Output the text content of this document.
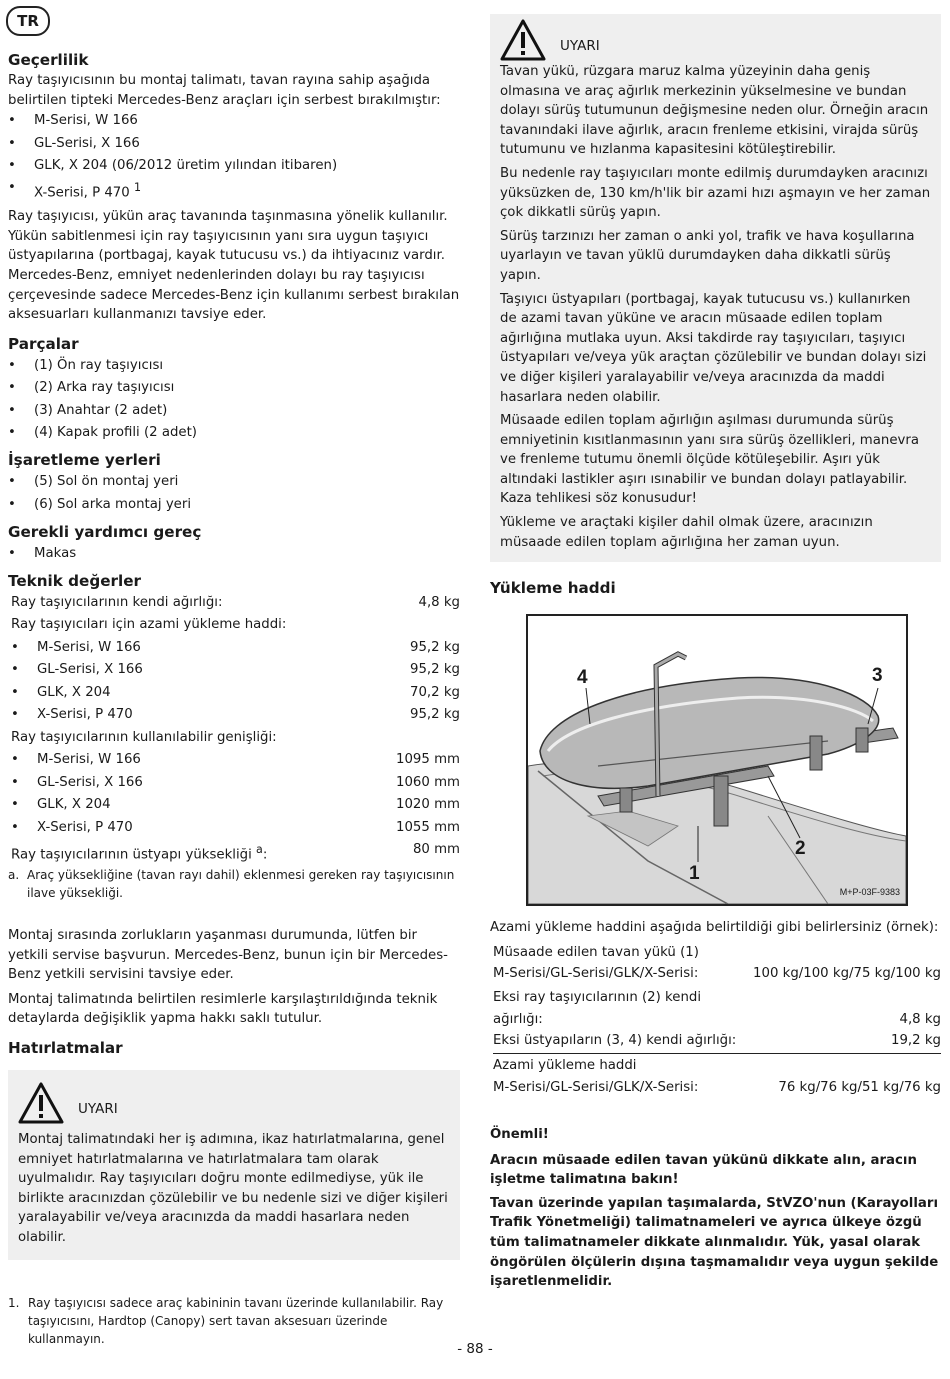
TR
Geçerlilik

Ray taşıyıcısının bu montaj talimatı, tavan rayına sahip aşağıda belirtilen tipteki Mercedes-Benz araçları için serbest bırakılmıştır:

• M-Serisi, W 166
• GL-Serisi, X 166
• GLK, X 204 (06/2012 üretim yılından itibaren)
• X-Serisi, P 470 $^1$

Ray taşıyıcısı, yükün araç tavanında taşınmasına yönelik kullanılır. Yükün sabitlenmesi için ray taşıyıcısının yanı sıra uygun taşıyıcı üstyapılarına (portbagaj, kayak tutucusu vs.) da ihtiyacınız vardır. Mercedes-Benz, emniyet nedenlerinden dolayı bu ray taşıyıcısı çerçevesinde sadece Mercedes-Benz için kullanımı serbest bırakılan aksesuarları kullanmanızı tavsiye eder.

Parçalar
• (1) Ön ray taşıyıcısı
• (2) Arka ray taşıyıcısı
• (3) Anahtar (2 adet)
• (4) Kapak profili (2 adet)
İşaretleme yerleri
• (5) Sol ön montaj yeri
• (6) Sol arka montaj yeri
Gerekli yardımcı gereç
• Makas
Teknik değerler
Ray taşıyıcılarının kendi ağırlığı:	4,8 kg
Ray taşıyıcıları için azami yükleme haddi:
• M-Serisi, W 166	95,2 kg
• GL-Serisi, X 166	95,2 kg
• GLK, X 204	70,2 kg
• X-Serisi, P 470	95,2 kg
Ray taşıyıcılarının kullanılabilir genişliği:
• M-Serisi, W 166	1095 mm
• GL-Serisi, X 166	1060 mm
• GLK, X 204	1020 mm
• X-Serisi, P 470	1055 mm
Ray taşıyıcılarının üstyapı yüksekliği $^a$:	80 mm
a. Araç yüksekliğine (tavan rayı dahil) eklenmesi gereken ray taşıyıcısının ilave yüksekliği.

Montaj sırasında zorlukların yaşanması durumunda, lütfen bir yetkili servise başvurun. Mercedes-Benz, bunun için bir Mercedes-Benz yetkili servisini tavsiye eder.

Montaj talimatında belirtilen resimlerle karşılaştırıldığında teknik detaylarda değişiklik yapma hakkı saklı tutulur.

Hatırlatmalar
UYARI

Montaj talimatındaki her iş adımına, ikaz hatırlatmalarına, genel emniyet hatırlatmalarına ve hatırlatmalara tam olarak uyulmalıdır. Ray taşıyıcıları doğru monte edilmediyse, yük ile birlikte aracınızdan çözülebilir ve bu nedenle sizi ve diğer kişileri yaralayabilir ve/veya aracınızda da maddi hasarlara neden olabilir.

UYARI

Tavan yükü, rüzgara maruz kalma yüzeyinin daha geniş olmasına ve araç ağırlık merkezinin yükselmesine ve bundan dolayı sürüş tutumunun değişmesine neden olur. Örneğin aracın tavanındaki ilave ağırlık, aracın frenleme etkisini, virajda sürüş tutumunu ve hızlanma kapasitesini kötüleştirebilir.

Bu nedenle ray taşıyıcıları monte edilmiş durumdayken aracınızı yüksüzken de, 130 km/h'lik bir azami hızı aşmayın ve her zaman çok dikkatli sürüş yapın.

Sürüş tarzınızı her zaman o anki yol, trafik ve hava koşullarına uyarlayın ve tavan yüklü durumdayken daha dikkatli sürüş yapın.

Taşıyıcı üstyapıları (portbagaj, kayak tutucusu vs.) kullanırken de azami tavan yüküne ve aracın müsaade edilen toplam ağırlığına mutlaka uyun. Aksi takdirde ray taşıyıcıları, taşıyıcı üstyapıları ve/veya yük araçtan çözülebilir ve bundan dolayı sizi ve diğer kişileri yaralayabilir ve/veya aracınızda da maddi hasarlara neden olabilir.

Müsaade edilen toplam ağırlığın aşılması durumunda sürüş emniyetinin kısıtlanmasının yanı sıra sürüş özellikleri, manevra ve frenleme tutumu önemli ölçüde kötüleşebilir. Aşırı yük altındaki lastikler aşırı ısınabilir ve bundan dolayı patlayabilir. Kaza tehlikesi söz konusudur!

Yükleme ve araçtaki kişiler dahil olmak üzere, aracınızın müsaade edilen toplam ağırlığına her zaman uyun.

Yükleme haddi
4	3
2
1
M+P-03F-9383

Azami yükleme haddini aşağıda belirtildiği gibi belirlersiniz (örnek):

Müsaade edilen tavan yükü (1)
M-Serisi/GL-Serisi/GLK/X-Serisi:	100 kg/100 kg/75 kg/100 kg
Eksi ray taşıyıcılarının (2) kendi
ağırlığı:	4,8 kg
Eksi üstyapıların (3, 4) kendi ağırlığı:	19,2 kg
Azami yükleme haddi
M-Serisi/GL-Serisi/GLK/X-Serisi:	76 kg/76 kg/51 kg/76 kg

Önemli!

Aracın müsaade edilen tavan yükünü dikkate alın, aracın işletme talimatına bakın!

Tavan üzerinde yapılan taşımalarda, StVZO'nun (Karayolları Trafik Yönetmeliği) talimatnameleri ve ayrıca ülkeye özgü tüm talimatnameler dikkate alınmalıdır. Yük, yasal olarak öngörülen ölçülerin dışına taşmamalıdır veya uygun şekilde işaretlenmelidir.

1. Ray taşıyıcısı sadece araç kabininin tavanı üzerinde kullanılabilir. Ray taşıyıcısını, Hardtop (Canopy) sert tavan aksesuarı üzerinde kullanmayın.
- 88 -
